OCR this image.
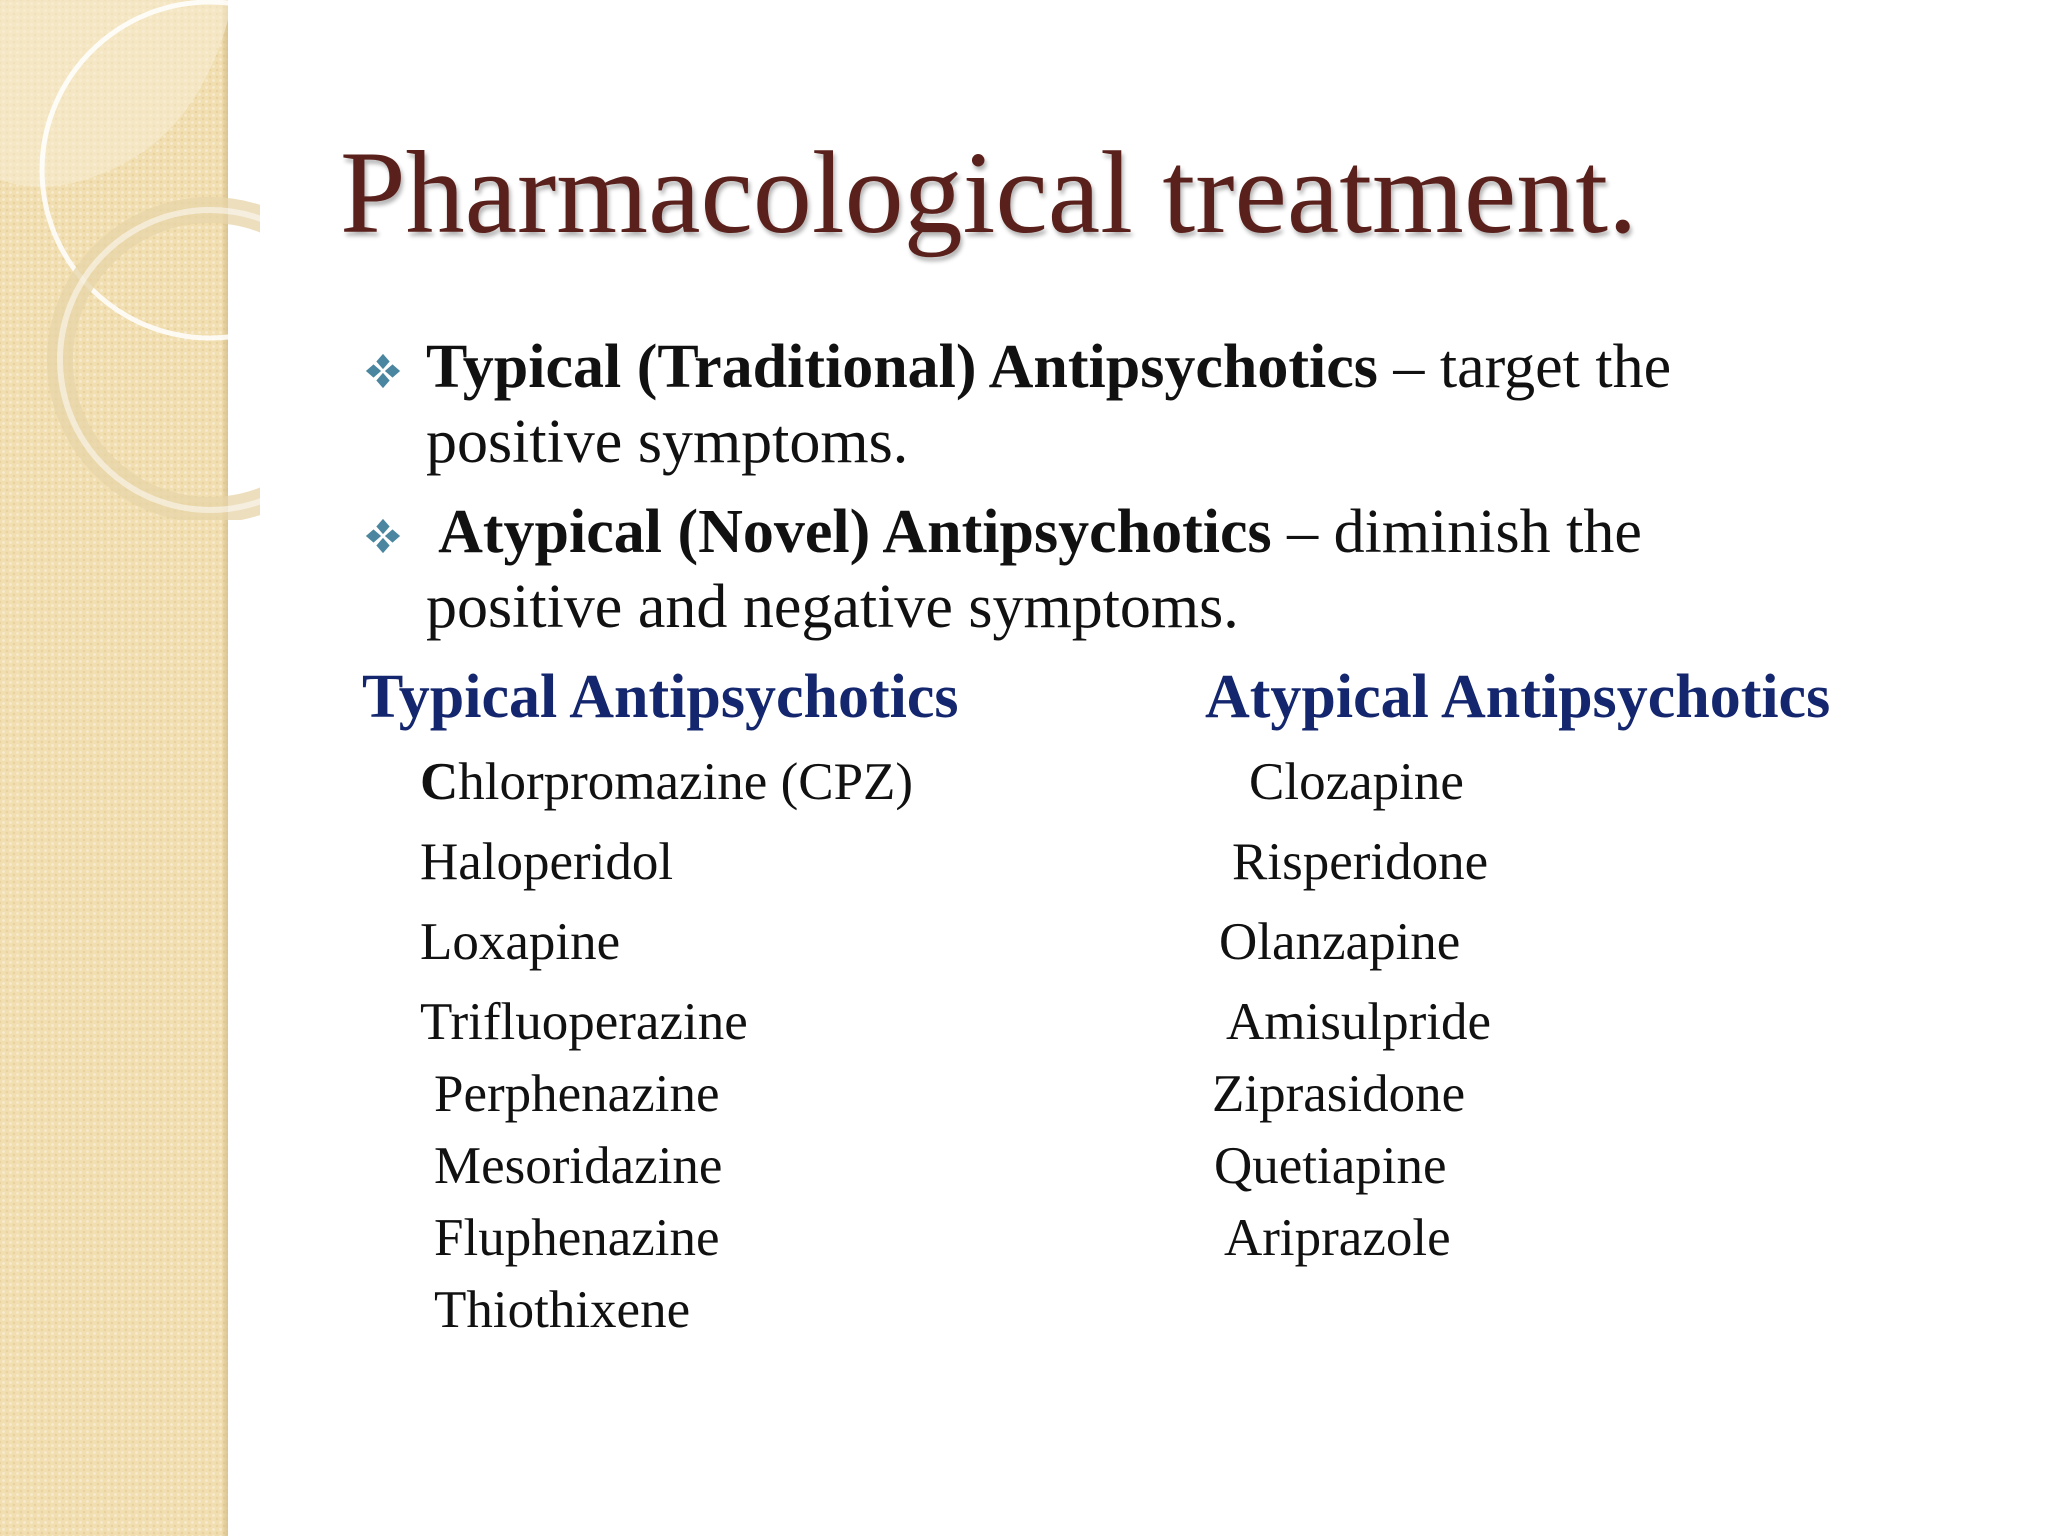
Pharmacological treatment.
Typical (Traditional) Antipsychotics – target the
positive symptoms.
Atypical (Novel) Antipsychotics – diminish the
positive and negative symptoms.
Typical Antipsychotics	Atypical Antipsychotics
Chlorpromazine (CPZ)
Haloperidol
Loxapine
Trifluoperazine
Perphenazine
Mesoridazine
Fluphenazine
Thiothixene
Clozapine
Risperidone
Olanzapine
Amisulpride
Ziprasidone
Quetiapine
Ariprazole
